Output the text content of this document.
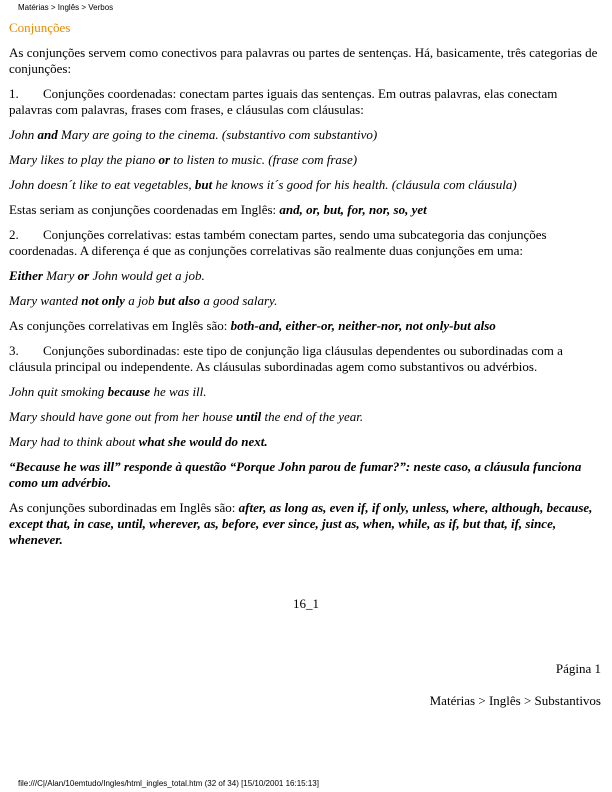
Matérias > Inglês > Verbos
Conjunções
As conjunções servem como conectivos para palavras ou partes de sentenças. Há, basicamente, três categorias de conjunções:
1. Conjunções coordenadas: conectam partes iguais das sentenças. Em outras palavras, elas conectam palavras com palavras, frases com frases, e cláusulas com cláusulas:
John and Mary are going to the cinema. (substantivo com substantivo)
Mary likes to play the piano or to listen to music. (frase com frase)
John doesn´t like to eat vegetables, but he knows it´s good for his health. (cláusula com cláusula)
Estas seriam as conjunções coordenadas em Inglês: and, or, but, for, nor, so, yet
2. Conjunções correlativas: estas também conectam partes, sendo uma subcategoria das conjunções coordenadas. A diferença é que as conjunções correlativas são realmente duas conjunções em uma:
Either Mary or John would get a job.
Mary wanted not only a job but also a good salary.
As conjunções correlativas em Inglês são: both-and, either-or, neither-nor, not only-but also
3. Conjunções subordinadas: este tipo de conjunção liga cláusulas dependentes ou subordinadas com a cláusula principal ou independente. As cláusulas subordinadas agem como substantivos ou advérbios.
John quit smoking because he was ill.
Mary should have gone out from her house until the end of the year.
Mary had to think about what she would do next.
“Because he was ill” responde à questão “Porque John parou de fumar?”: neste caso, a cláusula funciona como um advérbio.
As conjunções subordinadas em Inglês são: after, as long as, even if, if only, unless, where, although, because, except that, in case, until, wherever, as, before, ever since, just as, when, while, as if, but that, if, since, whenever.
16_1
Página 1
Matérias > Inglês > Substantivos
file:///C|/Alan/10emtudo/Ingles/html_ingles_total.htm (32 of 34) [15/10/2001 16:15:13]
